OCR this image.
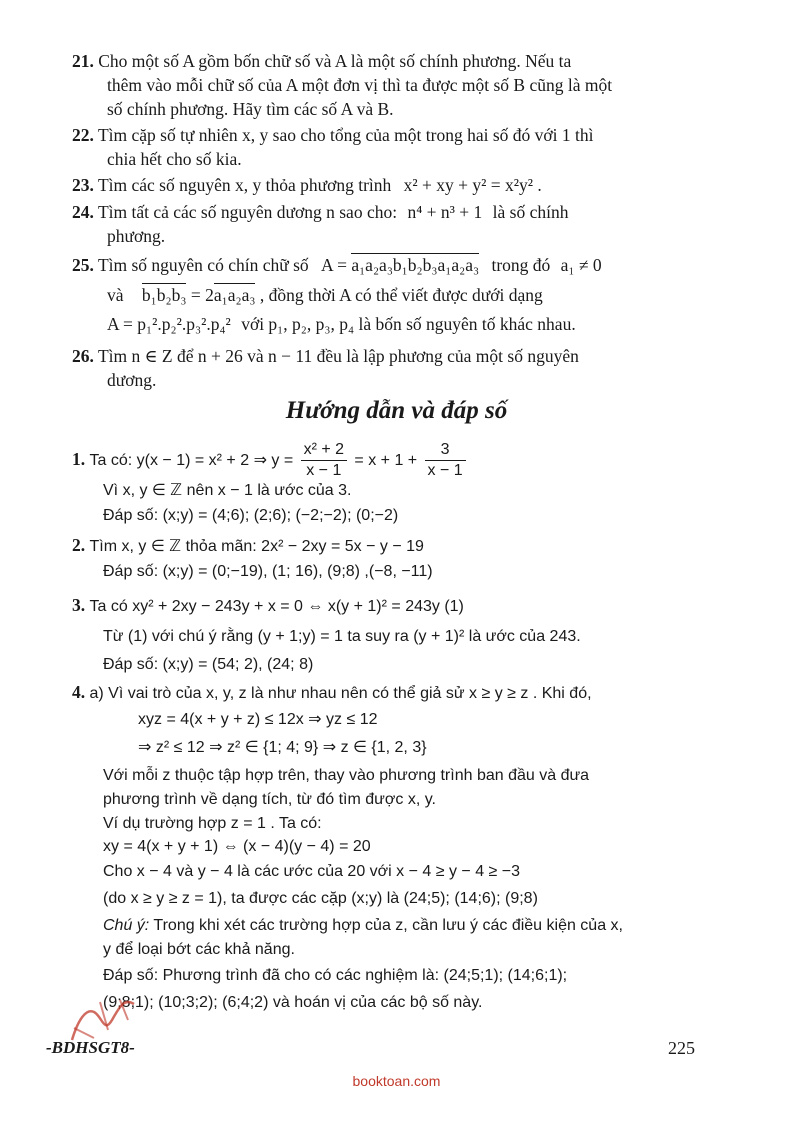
21. Cho một số A gồm bốn chữ số và A là một số chính phương. Nếu ta
thêm vào mỗi chữ số của A một đơn vị thì ta được một số B cũng là một
số chính phương. Hãy tìm các số A và B.
22. Tìm cặp số tự nhiên x, y sao cho tổng của một trong hai số đó với 1 thì
chia hết cho số kia.
23. Tìm các số nguyên x, y thỏa phương trình x² + xy + y² = x²y² .
24. Tìm tất cả các số nguyên dương n sao cho: n⁴ + n³ + 1 là số chính
phương.
25. Tìm số nguyên có chín chữ số A = a₁a₂a₃b₁b₂b₃a₁a₂a₃ trong đó a₁ ≠ 0
và b₁b₂b₃ = 2a₁a₂a₃ , đồng thời A có thể viết được dưới dạng
A = p₁².p₂².p₃².p₄² với p₁, p₂, p₃, p₄ là bốn số nguyên tố khác nhau.
26. Tìm n ∈ Z để n + 26 và n − 11 đều là lập phương của một số nguyên
dương.
Hướng dẫn và đáp số
1. Ta có: y(x − 1) = x² + 2 ⇒ $y = \frac{\text{x² + 2}}{x - 1} = x + 1 + \frac{3}{x - 1}$
Vì x, y ∈ ℤ nên x − 1 là ước của 3.
Đáp số: (x;y) = (4;6); (2;6); (−2;−2); (0;−2)
2. Tìm x, y ∈ ℤ thỏa mãn: 2x² − 2xy = 5x − y − 19
Đáp số: (x;y) = (0;−19), (1; 16), (9;8) ,(−8, −11)
3. Ta có xy² + 2xy − 243y + x = 0 ⇔ x(y + 1)² = 243y (1)
Từ (1) với chú ý rằng (y + 1;y) = 1 ta suy ra (y + 1)² là ước của 243.
Đáp số: (x;y) = (54; 2), (24; 8)
4. a) Vì vai trò của x, y, z là như nhau nên có thể giả sử x ≥ y ≥ z . Khi đó,
xyz = 4(x + y + z) ≤ 12x ⇒ yz ≤ 12
⇒ z² ≤ 12 ⇒ z² ∈ {1; 4; 9} ⇒ z ∈ {1, 2, 3}
Với mỗi z thuộc tập hợp trên, thay vào phương trình ban đầu và đưa
phương trình về dạng tích, từ đó tìm được x, y.
Ví dụ trường hợp z = 1 . Ta có:
xy = 4(x + y + 1) ⇔ (x − 4)(y − 4) = 20
Cho x − 4 và y − 4 là các ước của 20 với x − 4 ≥ y − 4 ≥ −3
(do x ≥ y ≥ z = 1), ta được các cặp (x;y) là (24;5); (14;6); (9;8)
Chú ý: Trong khi xét các trường hợp của z, cần lưu ý các điều kiện của x,
y để loại bớt các khả năng.
Đáp số: Phương trình đã cho có các nghiệm là: (24;5;1); (14;6;1);
(9;8;1); (10;3;2); (6;4;2) và hoán vị của các bộ số này.
-BDHSGT8-	225
booktoan.com
